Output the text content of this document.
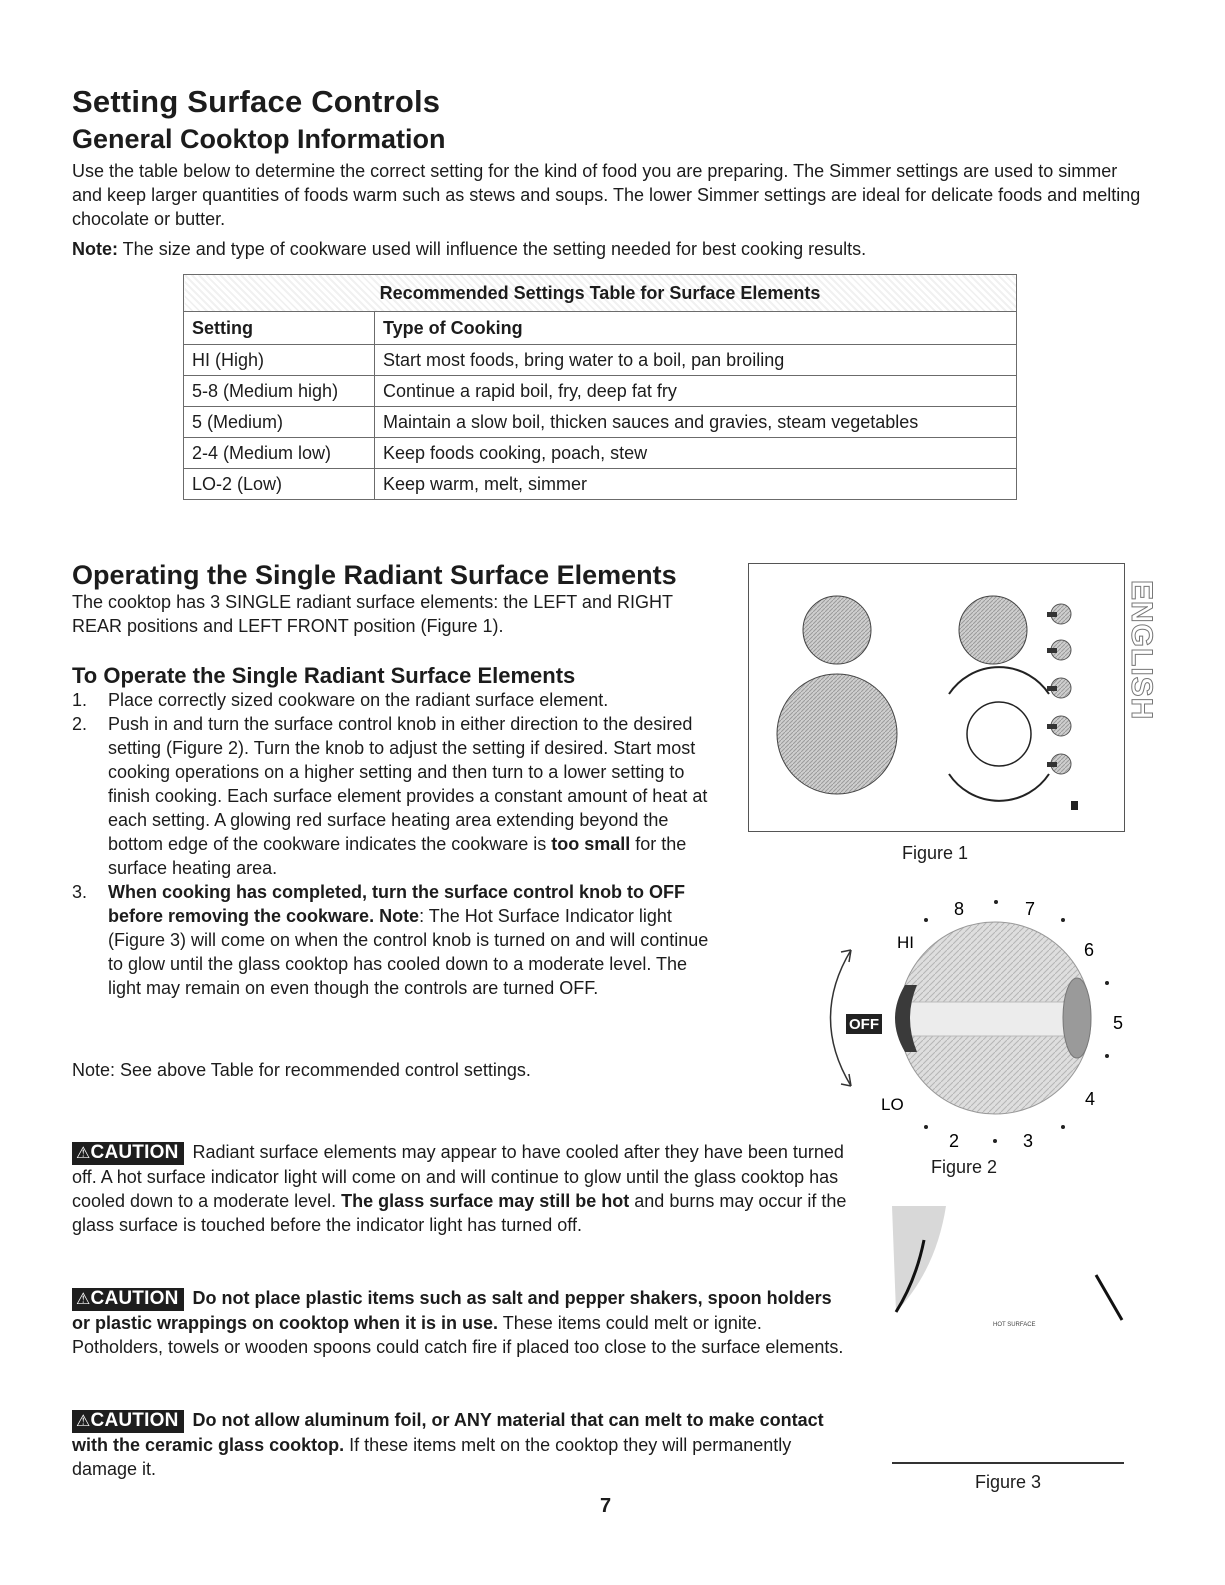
Setting Surface Controls
General Cooktop Information

Use the table below to determine the correct setting for the kind of food you are preparing. The Simmer settings are used to simmer and keep larger quantities of foods warm such as stews and soups. The lower Simmer settings are ideal for delicate foods and melting chocolate or butter.

Note: The size and type of cookware used will influence the setting needed for best cooking results.

Recommended Settings Table for Surface Elements	
Setting	Type of Cooking
HI (High)	Start most foods, bring water to a boil, pan broiling
5-8 (Medium high)	Continue a rapid boil, fry, deep fat fry
5 (Medium)	Maintain a slow boil, thicken sauces and gravies, steam vegetables
2-4 (Medium low)	Keep foods cooking, poach, stew
LO-2 (Low)	Keep warm, melt, simmer
Operating the Single Radiant Surface Elements

The cooktop has 3 SINGLE radiant surface elements: the LEFT and RIGHT REAR positions and LEFT FRONT position (Figure 1).

To Operate the Single Radiant Surface Elements
1. Place correctly sized cookware on the radiant surface element.
2. Push in and turn the surface control knob in either direction to the desired setting (Figure 2). Turn the knob to adjust the setting if desired. Start most cooking operations on a higher setting and then turn to a lower setting to finish cooking. Each surface element provides a constant amount of heat at each setting. A glowing red surface heating area extending beyond the bottom edge of the cookware indicates the cookware is too small for the surface heating area.
3. When cooking has completed, turn the surface control knob to OFF before removing the cookware. Note: The Hot Surface Indicator light (Figure 3) will come on when the control knob is turned on and will continue to glow until the glass cooktop has cooled down to a moderate level. The light may remain on even though the controls are turned OFF.

Note: See above Table for recommended control settings.

⚠CAUTION Radiant surface elements may appear to have cooled after they have been turned off. A hot surface indicator light will come on and will continue to glow until the glass cooktop has cooled down to a moderate level. The glass surface may still be hot and burns may occur if the glass surface is touched before the indicator light has turned off.

⚠CAUTION Do not place plastic items such as salt and pepper shakers, spoon holders or plastic wrappings on cooktop when it is in use. These items could melt or ignite. Potholders, towels or wooden spoons could catch fire if placed too close to the surface elements.

⚠CAUTION Do not allow aluminum foil, or ANY material that can melt to make contact with the ceramic glass cooktop. If these items melt on the cooktop they will permanently damage it.

Figure 1
ENGLISH
OFF
HI
LO
8	7
6
5
4
3
2
Figure 2
HOT SURFACE
Figure 3
7
